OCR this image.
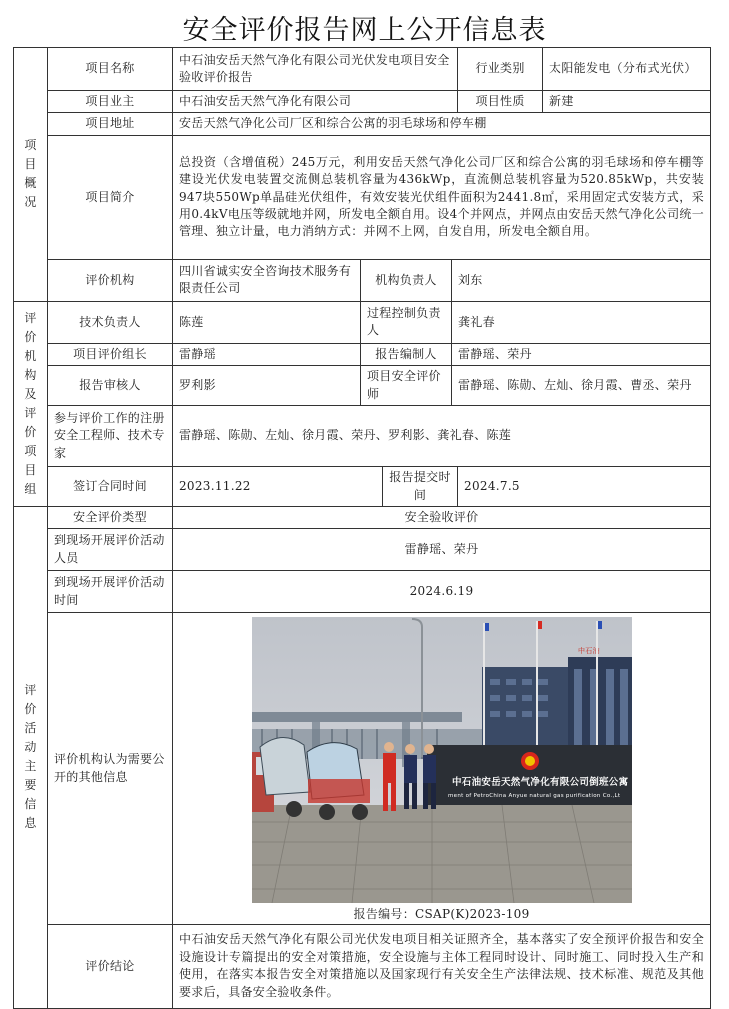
安全评价报告网上公开信息表
项目概况	项目名称	中石油安岳天然气净化有限公司光伏发电项目安全验收评价报告				行业类别	太阳能发电（分布式光伏）
	项目业主	中石油安岳天然气净化有限公司				项目性质	新建
	项目地址	安岳天然气净化公司厂区和综合公寓的羽毛球场和停车棚					
	项目简介	总投资（含增值税）245万元，利用安岳天然气净化公司厂区和综合公寓的羽毛球场和停车棚等建设光伏发电装置交流侧总装机容量为436kWp，直流侧总装机容量为520.85kWp，共安装947块550Wp单晶硅光伏组件，有效安装光伏组件面积为2441.8㎡，采用固定式安装方式，采用0.4kV电压等级就地并网，所发电全额自用。设4个并网点，并网点由安岳天然气净化公司统一管理、独立计量，电力消纳方式：并网不上网，自发自用，所发电全额自用。					
	评价机构	四川省诚实安全咨询技术服务有限责任公司	机构负责人		刘东		
评价机构及评价项目组	技术负责人	陈莲	过程控制负责人		龚礼春		
	项目评价组长	雷静瑶	报告编制人		雷静瑶、荣丹		
	报告审核人	罗利影	项目安全评价师		雷静瑶、陈勋、左灿、徐月霞、曹丞、荣丹		
	参与评价工作的注册安全工程师、技术专家	雷静瑶、陈勋、左灿、徐月霞、荣丹、罗利影、龚礼春、陈莲					
	签订合同时间	2023.11.22		报告提交时间		2024.7.5	
评价活动主要信息	安全评价类型	安全验收评价					
	到现场开展评价活动人员	雷静瑶、荣丹					
	到现场开展评价活动时间	2024.6.19					
	评价机构认为需要公开的其他信息	中石油
中石油安岳天然气净化有限公司倒班公寓
ment of PetroChina Anyue natural gas purification Co.,Lt
报告编号：CSAP(K)2023-109					

	评价结论	中石油安岳天然气净化有限公司光伏发电项目相关证照齐全，基本落实了安全预评价报告和安全设施设计专篇提出的安全对策措施，安全设施与主体工程同时设计、同时施工、同时投入生产和使用，在落实本报告安全对策措施以及国家现行有关安全生产法律法规、技术标准、规范及其他要求后，具备安全验收条件。					
